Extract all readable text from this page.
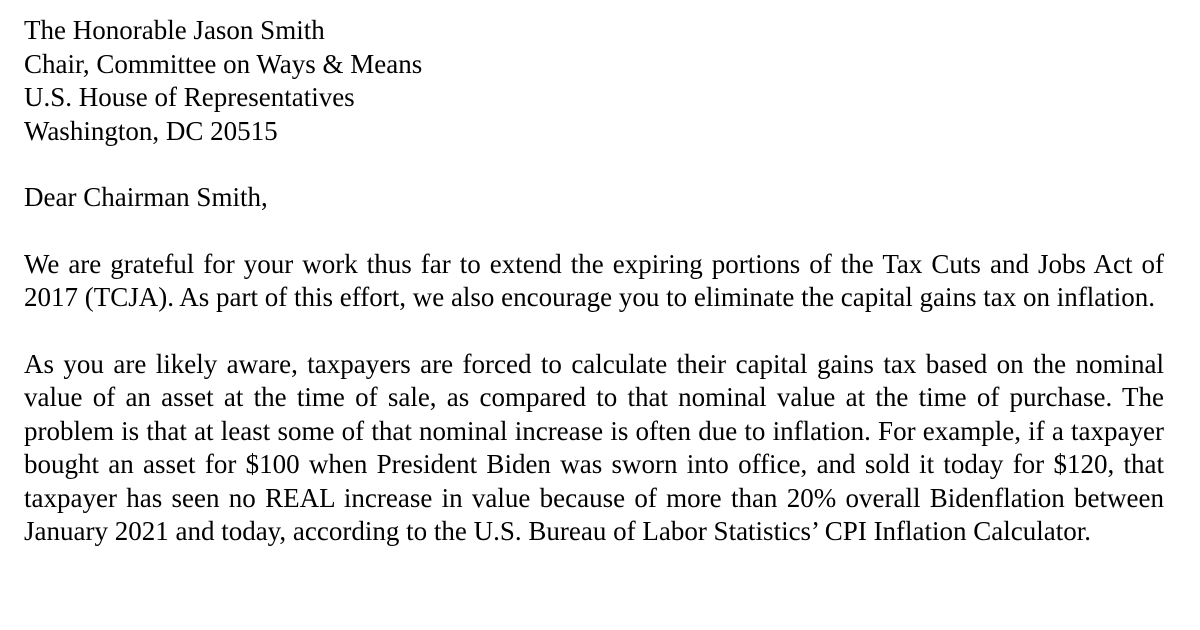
The Honorable Jason Smith
Chair, Committee on Ways & Means
U.S. House of Representatives
Washington, DC 20515
Dear Chairman Smith,

We are grateful for your work thus far to extend the expiring portions of the Tax Cuts and Jobs Act of 2017 (TCJA). As part of this effort, we also encourage you to eliminate the capital gains tax on inflation.

As you are likely aware, taxpayers are forced to calculate their capital gains tax based on the nominal value of an asset at the time of sale, as compared to that nominal value at the time of purchase. The problem is that at least some of that nominal increase is often due to inflation. For example, if a taxpayer bought an asset for $100 when President Biden was sworn into office, and sold it today for $120, that taxpayer has seen no REAL increase in value because of more than 20% overall Bidenflation between January 2021 and today, according to the U.S. Bureau of Labor Statistics’ CPI Inflation Calculator.
